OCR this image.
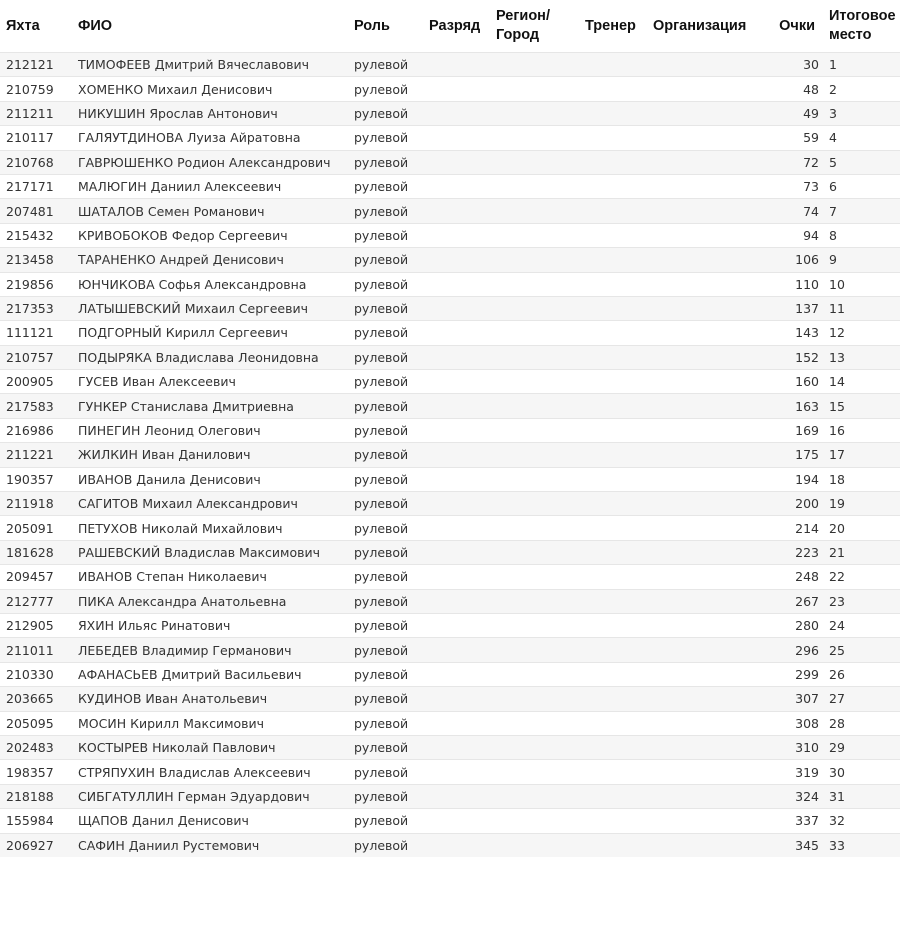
Яхта	ФИО	Роль	Разряд	Регион/ Город	Тренер	Организация	Очки	Итоговое место
212121	ТИМОФЕЕВ Дмитрий Вячеславович	рулевой					30	1
210759	ХОМЕНКО Михаил Денисович	рулевой					48	2
211211	НИКУШИН Ярослав Антонович	рулевой					49	3
210117	ГАЛЯУТДИНОВА Луиза Айратовна	рулевой					59	4
210768	ГАВРЮШЕНКО Родион Александрович	рулевой					72	5
217171	МАЛЮГИН Даниил Алексеевич	рулевой					73	6
207481	ШАТАЛОВ Семен Романович	рулевой					74	7
215432	КРИВОБОКОВ Федор Сергеевич	рулевой					94	8
213458	ТАРАНЕНКО Андрей Денисович	рулевой					106	9
219856	ЮНЧИКОВА Софья Александровна	рулевой					110	10
217353	ЛАТЫШЕВСКИЙ Михаил Сергеевич	рулевой					137	11
111121	ПОДГОРНЫЙ Кирилл Сергеевич	рулевой					143	12
210757	ПОДЫРЯКА Владислава Леонидовна	рулевой					152	13
200905	ГУСЕВ Иван Алексеевич	рулевой					160	14
217583	ГУНКЕР Станислава Дмитриевна	рулевой					163	15
216986	ПИНЕГИН Леонид Олегович	рулевой					169	16
211221	ЖИЛКИН Иван Данилович	рулевой					175	17
190357	ИВАНОВ Данила Денисович	рулевой					194	18
211918	САГИТОВ Михаил Александрович	рулевой					200	19
205091	ПЕТУХОВ Николай Михайлович	рулевой					214	20
181628	РАШЕВСКИЙ Владислав Максимович	рулевой					223	21
209457	ИВАНОВ Степан Николаевич	рулевой					248	22
212777	ПИКА Александра Анатольевна	рулевой					267	23
212905	ЯХИН Ильяс Ринатович	рулевой					280	24
211011	ЛЕБЕДЕВ Владимир Германович	рулевой					296	25
210330	АФАНАСЬЕВ Дмитрий Васильевич	рулевой					299	26
203665	КУДИНОВ Иван Анатольевич	рулевой					307	27
205095	МОСИН Кирилл Максимович	рулевой					308	28
202483	КОСТЫРЕВ Николай Павлович	рулевой					310	29
198357	СТРЯПУХИН Владислав Алексеевич	рулевой					319	30
218188	СИБГАТУЛЛИН Герман Эдуардович	рулевой					324	31
155984	ЩАПОВ Данил Денисович	рулевой					337	32
206927	САФИН Даниил Рустемович	рулевой					345	33
